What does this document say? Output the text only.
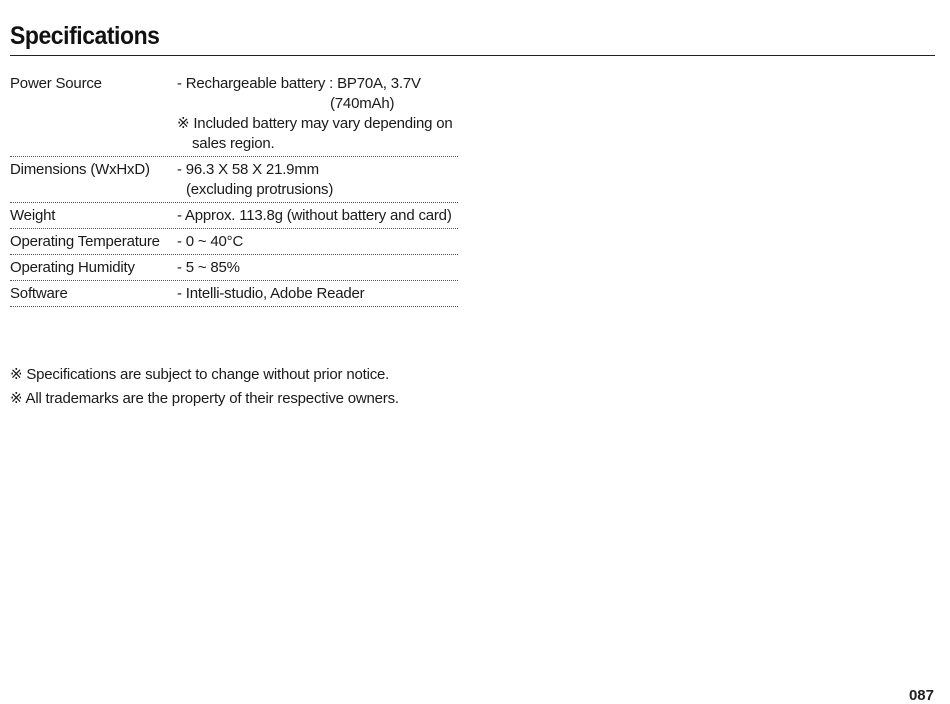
Specifications
Power Source	- Rechargeable battery : BP70A, 3.7V
(740mAh)
※ Included battery may vary depending on
sales region.
Dimensions (WxHxD)	- 96.3 X 58 X 21.9mm
(excluding protrusions)
Weight	- Approx. 113.8g (without battery and card)
Operating Temperature	- 0 ~ 40°C
Operating Humidity	- 5 ~ 85%
Software	- Intelli-studio, Adobe Reader
※ Specifications are subject to change without prior notice.
※ All trademarks are the property of their respective owners.
087
